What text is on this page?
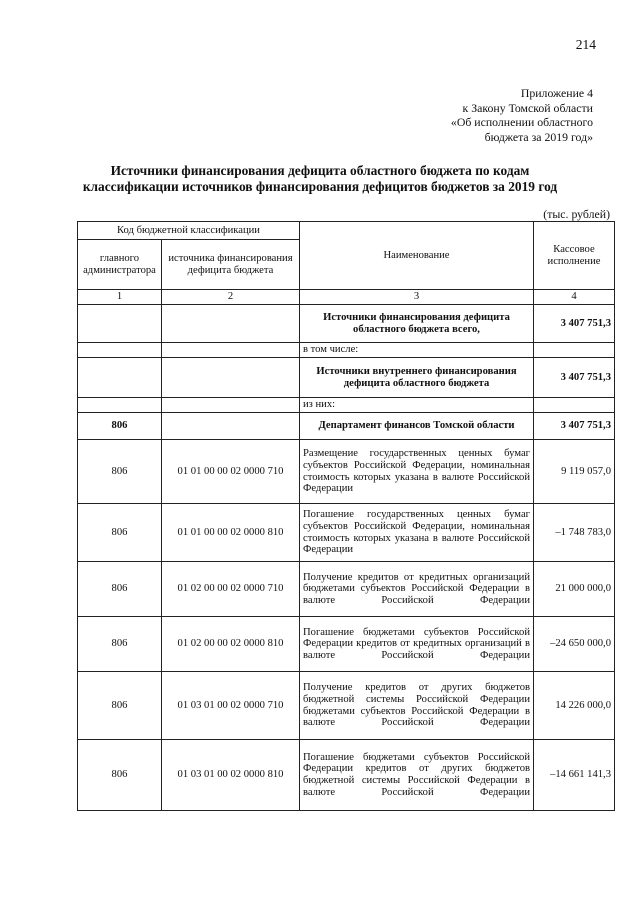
214
Приложение 4
к Закону Томской области
«Об исполнении областного
бюджета за 2019 год»
Источники финансирования дефицита областного бюджета по кодам
классификации источников финансирования дефицитов бюджетов за 2019 год
(тыс. рублей)
Код бюджетной классификации		Наименование	Кассовое исполнение
главного администратора	источника финансирования дефицита бюджета		
1	2	3	4
		Источники финансирования дефицита областного бюджета всего,	3 407 751,3
		в том числе:	
		Источники внутреннего финансирования дефицита областного бюджета	3 407 751,3
		из них:	
806		Департамент финансов Томской области	3 407 751,3
806	01 01 00 00 02 0000 710	Размещение государственных ценных бумаг субъектов Российской Федерации, номинальная стоимость которых указана в валюте Российской Федерации	9 119 057,0
806	01 01 00 00 02 0000 810	Погашение государственных ценных бумаг субъектов Российской Федерации, номинальная стоимость которых указана в валюте Российской Федерации	–1 748 783,0
806	01 02 00 00 02 0000 710	Получение кредитов от кредитных организаций бюджетами субъектов Российской Федерации в валюте Российской Федерации	21 000 000,0
806	01 02 00 00 02 0000 810	Погашение бюджетами субъектов Российской Федерации кредитов от кредитных организаций в валюте Российской Федерации	–24 650 000,0
806	01 03 01 00 02 0000 710	Получение кредитов от других бюджетов бюджетной системы Российской Федерации бюджетами субъектов Российской Федерации в валюте Российской Федерации	14 226 000,0
806	01 03 01 00 02 0000 810	Погашение бюджетами субъектов Российской Федерации кредитов от других бюджетов бюджетной системы Российской Федерации в валюте Российской Федерации	–14 661 141,3
